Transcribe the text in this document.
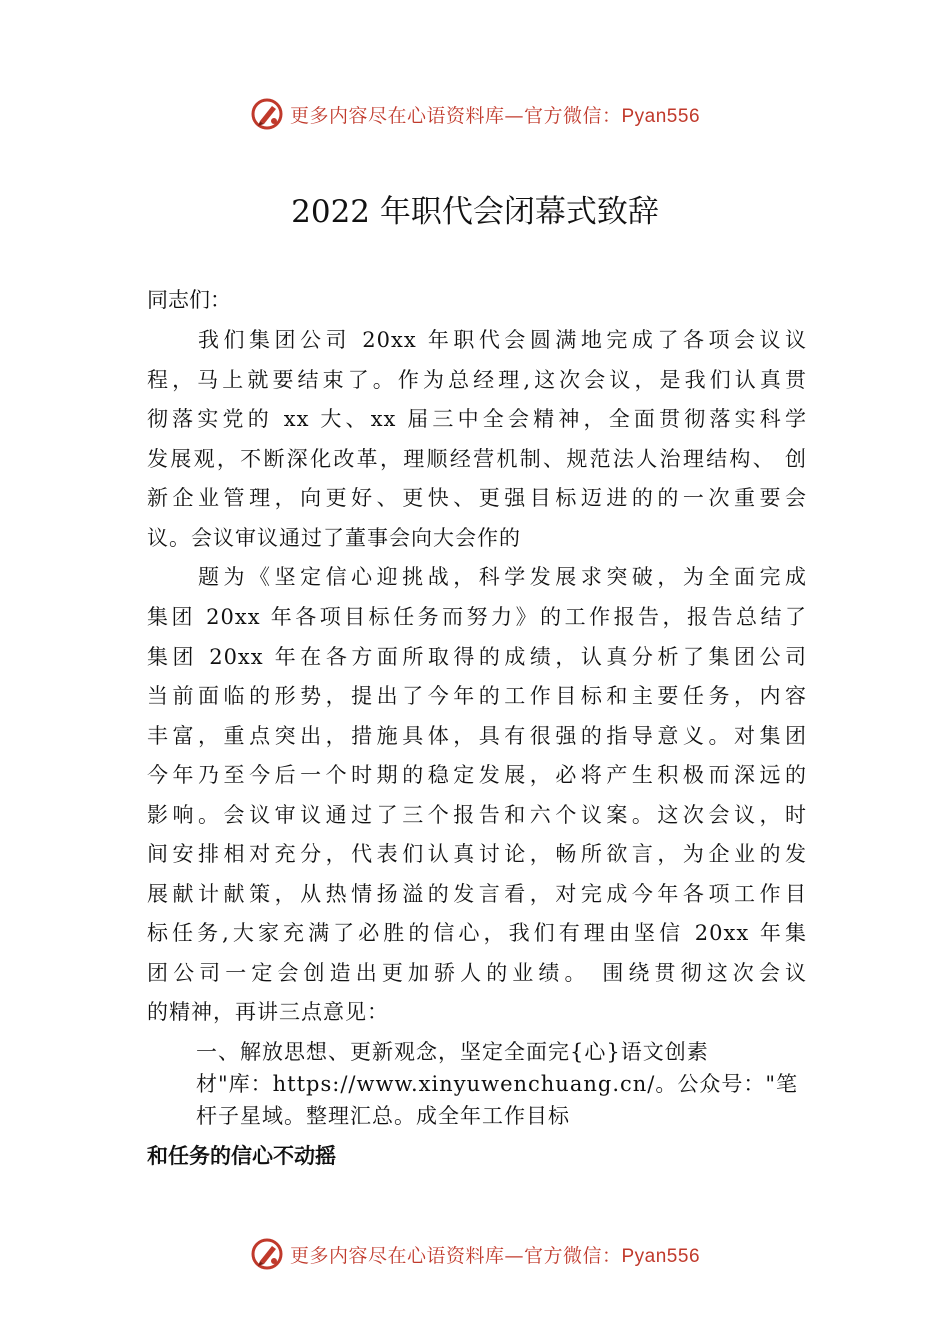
更多内容尽在心语资料库—官方微信：Pyan556
2022 年职代会闭幕式致辞
同志们：
我们集团公司 20xx 年职代会圆满地完成了各项会议议
程，马上就要结束了。作为总经理,这次会议，是我们认真贯
彻落实党的 xx 大、xx 届三中全会精神，全面贯彻落实科学
发展观，不断深化改革，理顺经营机制、规范法人治理结构、 创
新企业管理，向更好、更快、更强目标迈进的的一次重要会
议。会议审议通过了董事会向大会作的
题为《坚定信心迎挑战，科学发展求突破，为全面完成
集团 20xx 年各项目标任务而努力》的工作报告，报告总结了
集团 20xx 年在各方面所取得的成绩，认真分析了集团公司
当前面临的形势，提出了今年的工作目标和主要任务，内容
丰富，重点突出，措施具体，具有很强的指导意义。对集团
今年乃至今后一个时期的稳定发展，必将产生积极而深远的
影响。会议审议通过了三个报告和六个议案。这次会议，时
间安排相对充分，代表们认真讨论，畅所欲言，为企业的发
展献计献策，从热情扬溢的发言看，对完成今年各项工作目
标任务,大家充满了必胜的信心，我们有理由坚信 20xx 年集
团公司一定会创造出更加骄人的业绩。 围绕贯彻这次会议
的精神，再讲三点意见：
一、解放思想、更新观念，坚定全面完{心}语文创素
材"库：https://www.xinyuwenchuang.cn/。公众号："笔
杆子星域。整理汇总。成全年工作目标
和任务的信心不动摇
更多内容尽在心语资料库—官方微信：Pyan556
